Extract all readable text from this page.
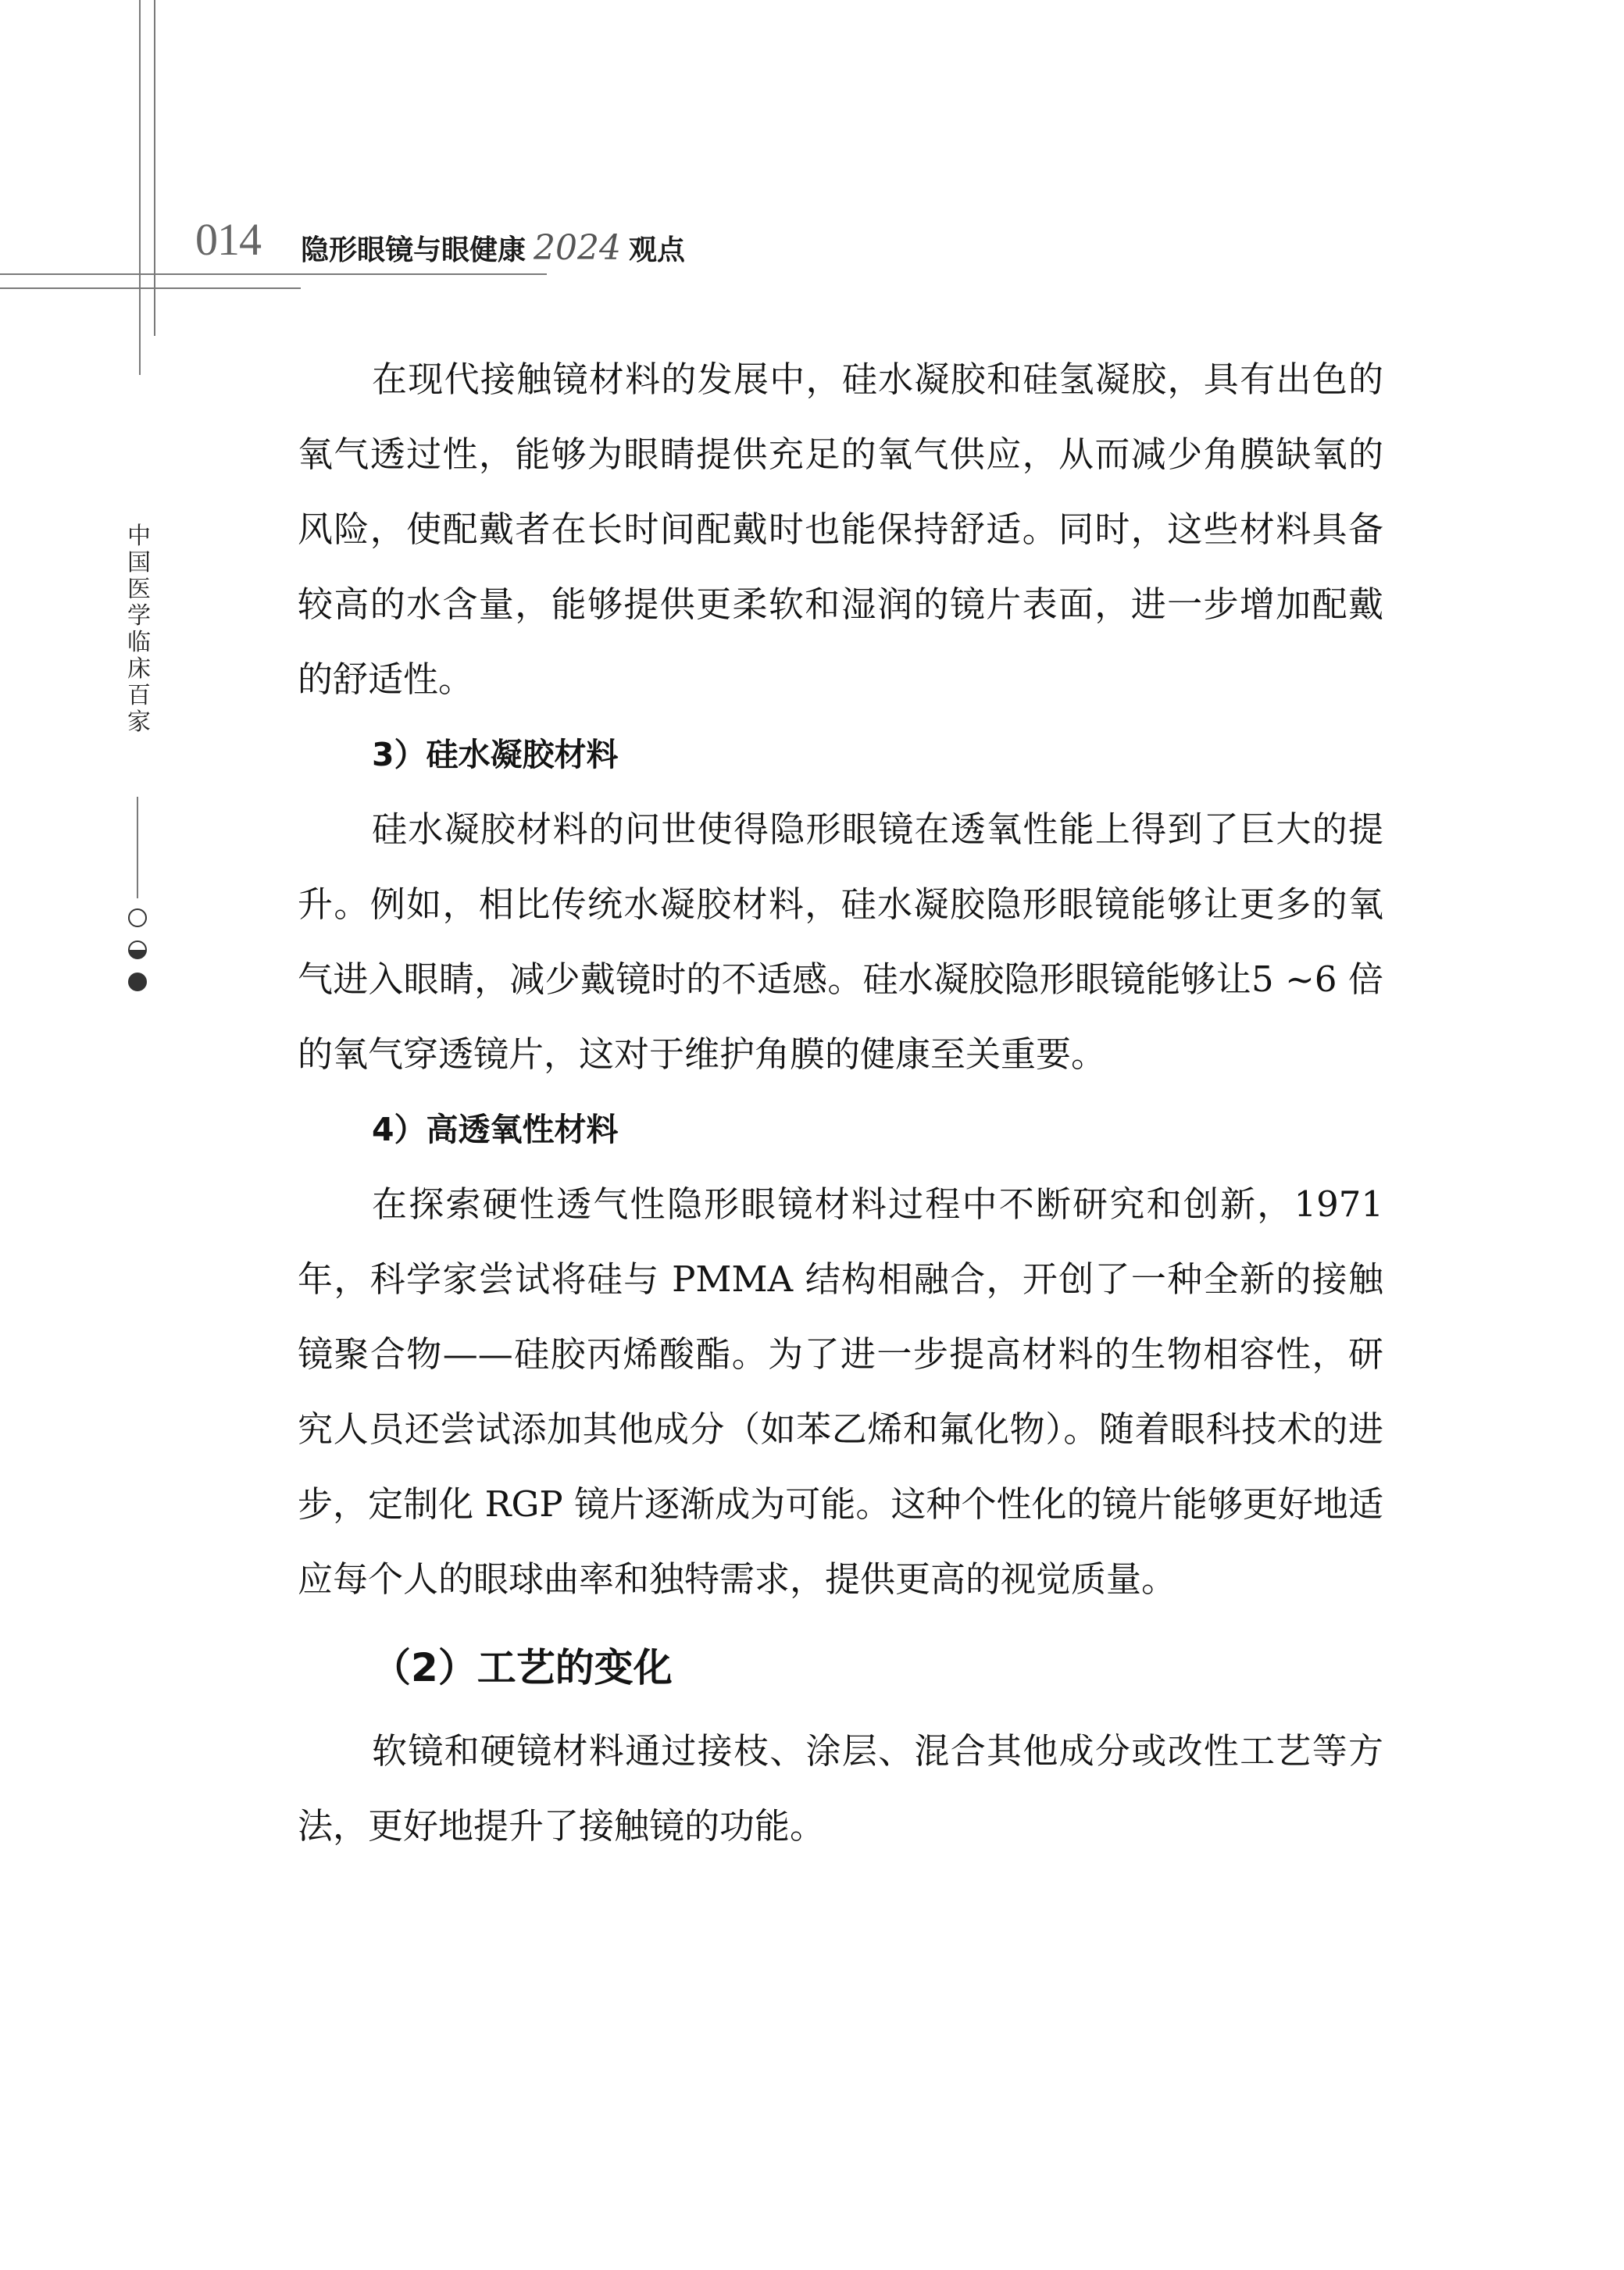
014 隐形眼镜与眼健康 2024 观点
中国医学临床百家

在现代接触镜材料的发展中，硅水凝胶和硅氢凝胶，具有出色的氧气透过性，能够为眼睛提供充足的氧气供应，从而减少角膜缺氧的风险，使配戴者在长时间配戴时也能保持舒适。同时，这些材料具备较高的水含量，能够提供更柔软和湿润的镜片表面，进一步增加配戴的舒适性。

3）硅水凝胶材料

硅水凝胶材料的问世使得隐形眼镜在透氧性能上得到了巨大的提升。例如，相比传统水凝胶材料，硅水凝胶隐形眼镜能够让更多的氧气进入眼睛，减少戴镜时的不适感。硅水凝胶隐形眼镜能够让5 ~6 倍的氧气穿透镜片，这对于维护角膜的健康至关重要。

4）高透氧性材料

在探索硬性透气性隐形眼镜材料过程中不断研究和创新，1971 年，科学家尝试将硅与 PMMA 结构相融合，开创了一种全新的接触镜聚合物——硅胶丙烯酸酯。为了进一步提高材料的生物相容性，研究人员还尝试添加其他成分（如苯乙烯和氟化物）。随着眼科技术的进步，定制化 RGP 镜片逐渐成为可能。这种个性化的镜片能够更好地适应每个人的眼球曲率和独特需求，提供更高的视觉质量。

（2）工艺的变化

软镜和硬镜材料通过接枝、涂层、混合其他成分或改性工艺等方法，更好地提升了接触镜的功能。
